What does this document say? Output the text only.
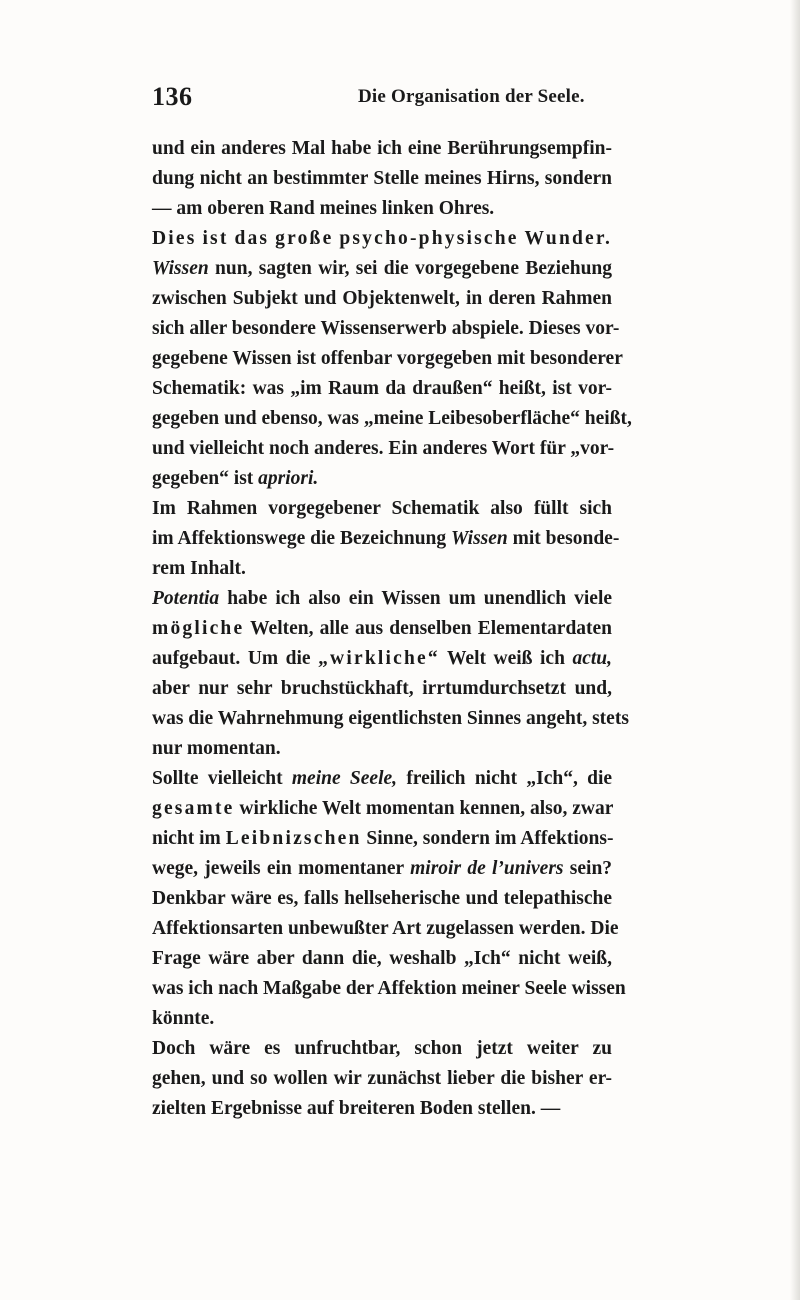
136	Die Organisation der Seele.
und ein anderes Mal habe ich eine Berührungsempfin-
dung nicht an bestimmter Stelle meines Hirns, sondern
— am oberen Rand meines linken Ohres.
Dies ist das große psycho-physische Wunder.
Wissen nun, sagten wir, sei die vorgegebene Beziehung
zwischen Subjekt und Objektenwelt, in deren Rahmen
sich aller besondere Wissenserwerb abspiele. Dieses vor-
gegebene Wissen ist offenbar vorgegeben mit besonderer
Schematik: was „im Raum da draußen“ heißt, ist vor-
gegeben und ebenso, was „meine Leibesoberfläche“ heißt,
und vielleicht noch anderes. Ein anderes Wort für „vor-
gegeben“ ist apriori.
Im Rahmen vorgegebener Schematik also füllt sich
im Affektionswege die Bezeichnung Wissen mit besonde-
rem Inhalt.
Potentia habe ich also ein Wissen um unendlich viele
mögliche Welten, alle aus denselben Elementardaten
aufgebaut. Um die „wirkliche“ Welt weiß ich actu,
aber nur sehr bruchstückhaft, irrtumdurchsetzt und,
was die Wahrnehmung eigentlichsten Sinnes angeht, stets
nur momentan.
Sollte vielleicht meine Seele, freilich nicht „Ich“, die
gesamte wirkliche Welt momentan kennen, also, zwar
nicht im Leibnizschen Sinne, sondern im Affektions-
wege, jeweils ein momentaner miroir de l’univers sein?
Denkbar wäre es, falls hellseherische und telepathische
Affektionsarten unbewußter Art zugelassen werden. Die
Frage wäre aber dann die, weshalb „Ich“ nicht weiß,
was ich nach Maßgabe der Affektion meiner Seele wissen
könnte.
Doch wäre es unfruchtbar, schon jetzt weiter zu
gehen, und so wollen wir zunächst lieber die bisher er-
zielten Ergebnisse auf breiteren Boden stellen. —
